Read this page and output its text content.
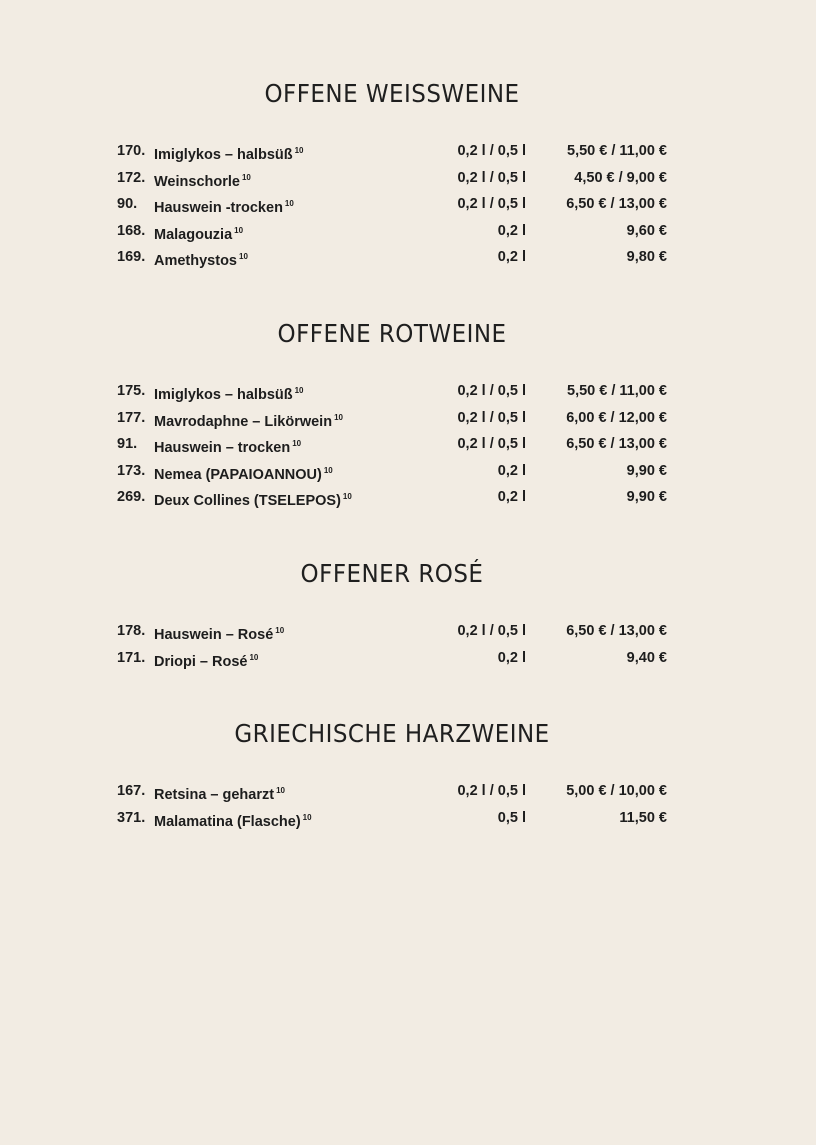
OFFENE WEISSWEINE
170. Imiglykos – halbsüß $^{10}$	0,2 l / 0,5 l	5,50 € / 11,00 €
172. Weinschorle $^{10}$	0,2 l / 0,5 l	4,50 € / 9,00 €
90.	Hauswein -trocken $^{10}$	0,2 l / 0,5 l	6,50 € / 13,00 €
168. Malagouzia $^{10}$	0,2 l	9,60 €
169. Amethystos $^{10}$	0,2 l	9,80 €
OFFENE ROTWEINE
175. Imiglykos – halbsüß $^{10}$	0,2 l / 0,5 l	5,50 € / 11,00 €
177. Mavrodaphne – Likörwein $^{10}$	0,2 l / 0,5 l	6,00 € / 12,00 €
91.	Hauswein – trocken $^{10}$	0,2 l / 0,5 l	6,50 € / 13,00 €
173. Nemea (PAPAIOANNOU) $^{10}$	0,2 l	9,90 €
269. Deux Collines (TSELEPOS) $^{10}$	0,2 l	9,90 €
OFFENER ROSÉ
178. Hauswein – Rosé $^{10}$	0,2 l / 0,5 l	6,50 € / 13,00 €
171. Driopi – Rosé $^{10}$	0,2 l	9,40 €
GRIECHISCHE HARZWEINE
167. Retsina – geharzt $^{10}$	0,2 l / 0,5 l	5,00 € / 10,00 €
371. Malamatina (Flasche) $^{10}$	0,5 l	11,50 €
